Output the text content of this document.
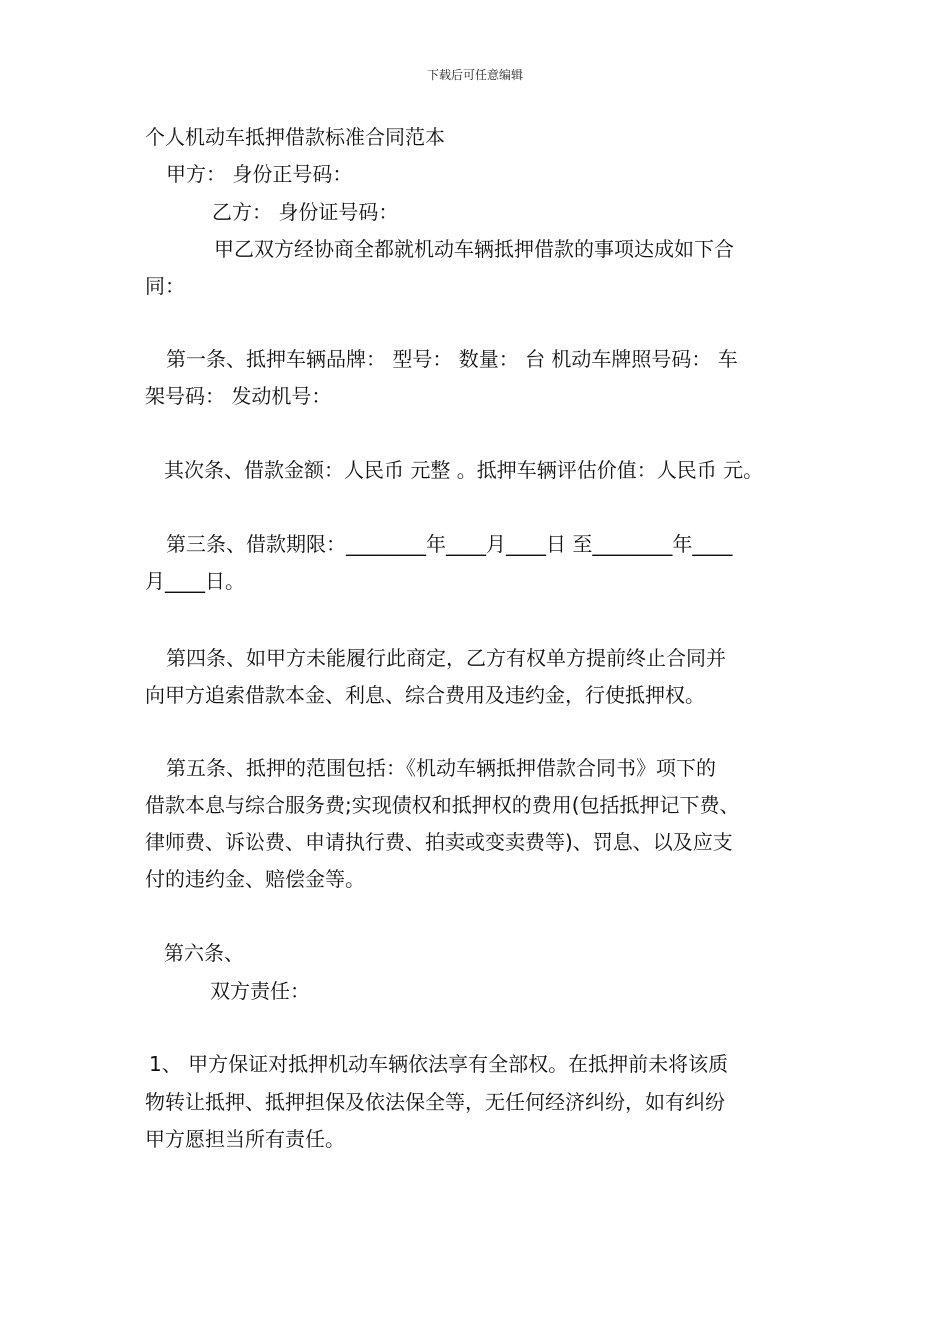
下载后可任意编辑
个人机动车抵押借款标准合同范本
甲方： 身份正号码：
乙方： 身份证号码：
甲乙双方经协商全都就机动车辆抵押借款的事项达成如下合
同：
第一条、抵押车辆品牌： 型号： 数量： 台 机动车牌照号码： 车
架号码： 发动机号：
其次条、借款金额：人民币 元整 。抵押车辆评估价值：人民币 元。
第三条、借款期限：________年____月____日 至________年____
月____日。
第四条、如甲方未能履行此商定，乙方有权单方提前终止合同并
向甲方追索借款本金、利息、综合费用及违约金，行使抵押权。
第五条、抵押的范围包括：《机动车辆抵押借款合同书》项下的
借款本息与综合服务费;实现债权和抵押权的费用(包括抵押记下费、
律师费、诉讼费、申请执行费、拍卖或变卖费等)、罚息、以及应支
付的违约金、赔偿金等。
第六条、
双方责任：
1、 甲方保证对抵押机动车辆依法享有全部权。在抵押前未将该质
物转让抵押、抵押担保及依法保全等，无任何经济纠纷，如有纠纷
甲方愿担当所有责任。
